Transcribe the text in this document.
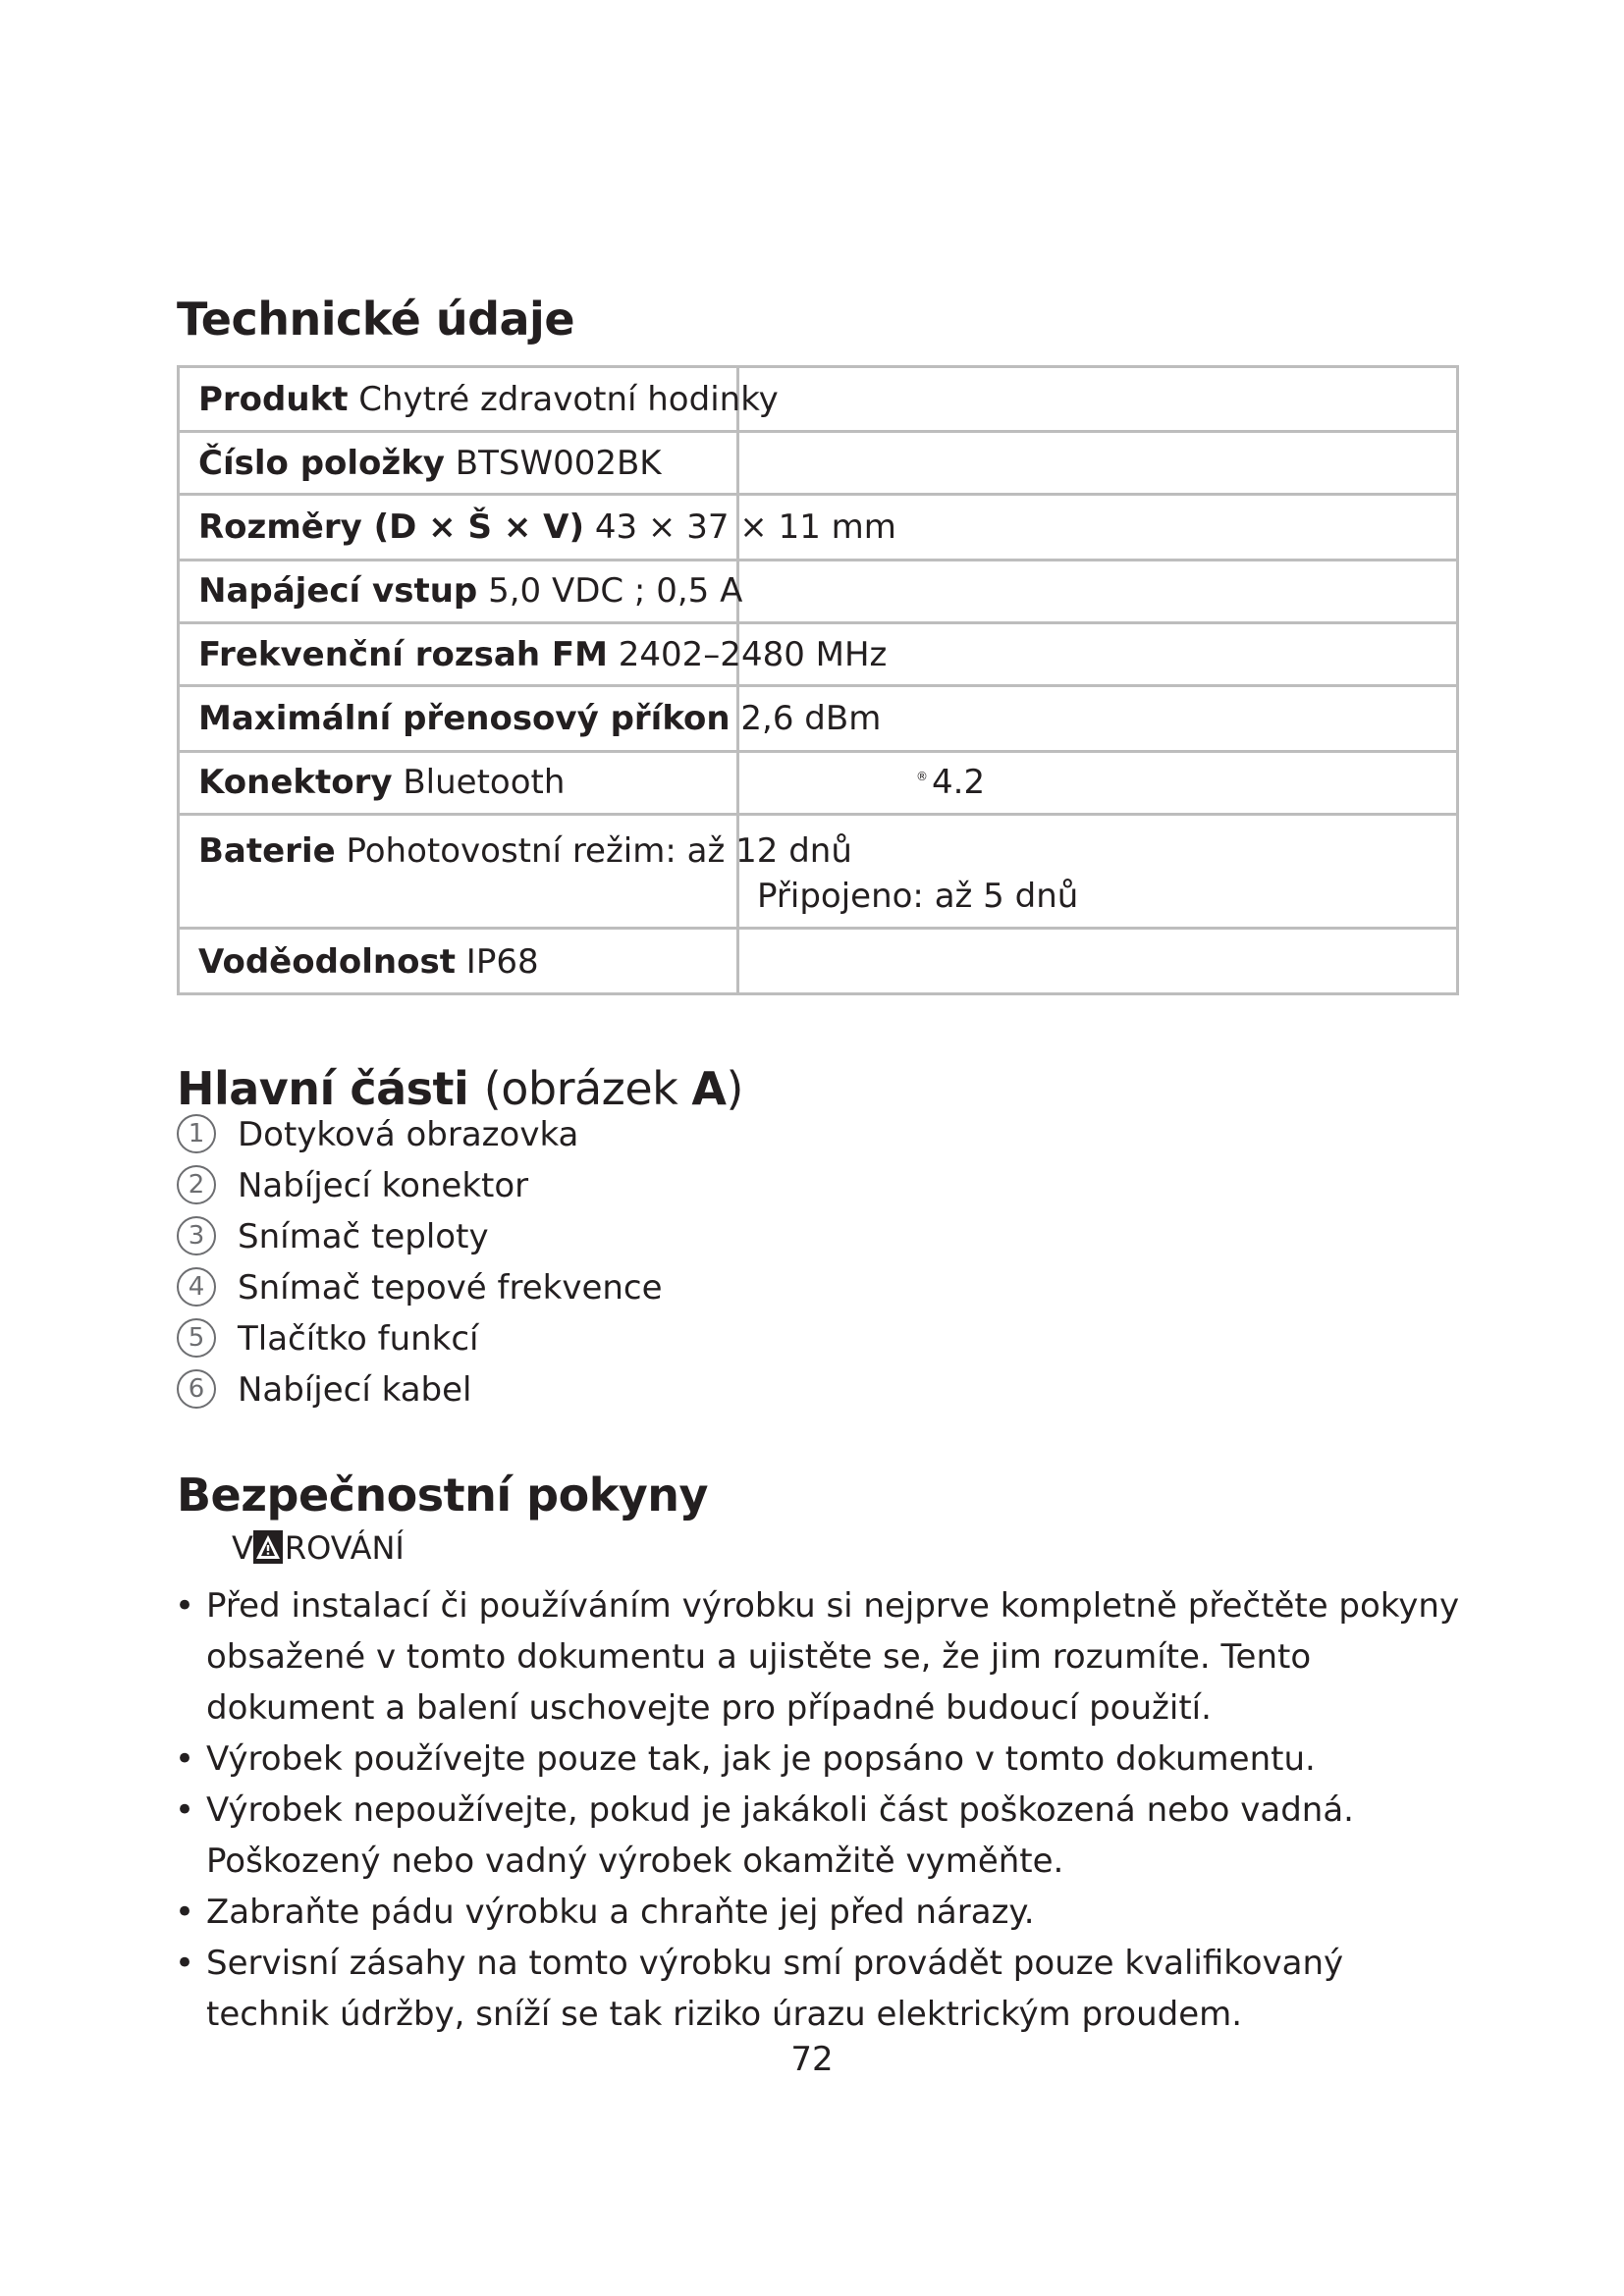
Technické údaje
Produkt Chytré zdravotní hodinky
Číslo položky BTSW002BK
Rozměry (D × Š × V) 43 × 37 × 11 mm
Napájecí vstup 5,0 VDC ; 0,5 A
Frekvenční rozsah FM 2402–2480 MHz
Maximální přenosový příkon 2,6 dBm
Konektory Bluetooth	® 4.2
Baterie Pohotovostní režim: až 12 dnů
Připojeno: až 5 dnů
Voděodolnost IP68
Hlavní části (obrázek A)
1 Dotyková obrazovka
2 Nabíjecí konektor
3 Snímač teploty
4 Snímač tepové frekvence
5 Tlačítko funkcí
6 Nabíjecí kabel
Bezpečnostní pokyny
V ROVÁNÍ
• Před instalací či používáním výrobku si nejprve kompletně přečtěte pokyny obsažené v tomto dokumentu a ujistěte se, že jim rozumíte. Tento dokument a balení uschovejte pro případné budoucí použití.
• Výrobek používejte pouze tak, jak je popsáno v tomto dokumentu.
• Výrobek nepoužívejte, pokud je jakákoli část poškozená nebo vadná. Poškozený nebo vadný výrobek okamžitě vyměňte.
• Zabraňte pádu výrobku a chraňte jej před nárazy.
• Servisní zásahy na tomto výrobku smí provádět pouze kvalifikovaný technik údržby, sníží se tak riziko úrazu elektrickým proudem.
72
